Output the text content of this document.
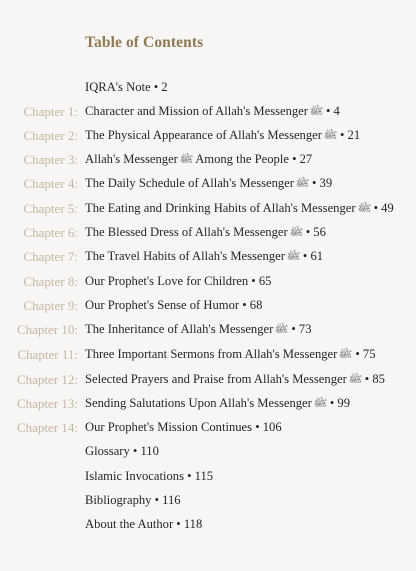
Table of Contents
IQRA's Note • 2
Chapter 1: Character and Mission of Allah's Messengerﷺ • 4
Chapter 2: The Physical Appearance of Allah's Messengerﷺ • 21
Chapter 3: Allah's Messengerﷺ Among the People • 27
Chapter 4: The Daily Schedule of Allah's Messengerﷺ • 39
Chapter 5: The Eating and Drinking Habits of Allah's Messengerﷺ • 49
Chapter 6: The Blessed Dress of Allah's Messengerﷺ • 56
Chapter 7: The Travel Habits of Allah's Messengerﷺ • 61
Chapter 8: Our Prophet's Love for Children • 65
Chapter 9: Our Prophet's Sense of Humor • 68
Chapter 10: The Inheritance of Allah's Messengerﷺ • 73
Chapter 11: Three Important Sermons from Allah's Messengerﷺ • 75
Chapter 12: Selected Prayers and Praise from Allah's Messengerﷺ • 85
Chapter 13: Sending Salutations Upon Allah's Messengerﷺ • 99
Chapter 14: Our Prophet's Mission Continues • 106
Glossary • 110
Islamic Invocations • 115
Bibliography • 116
About the Author • 118
